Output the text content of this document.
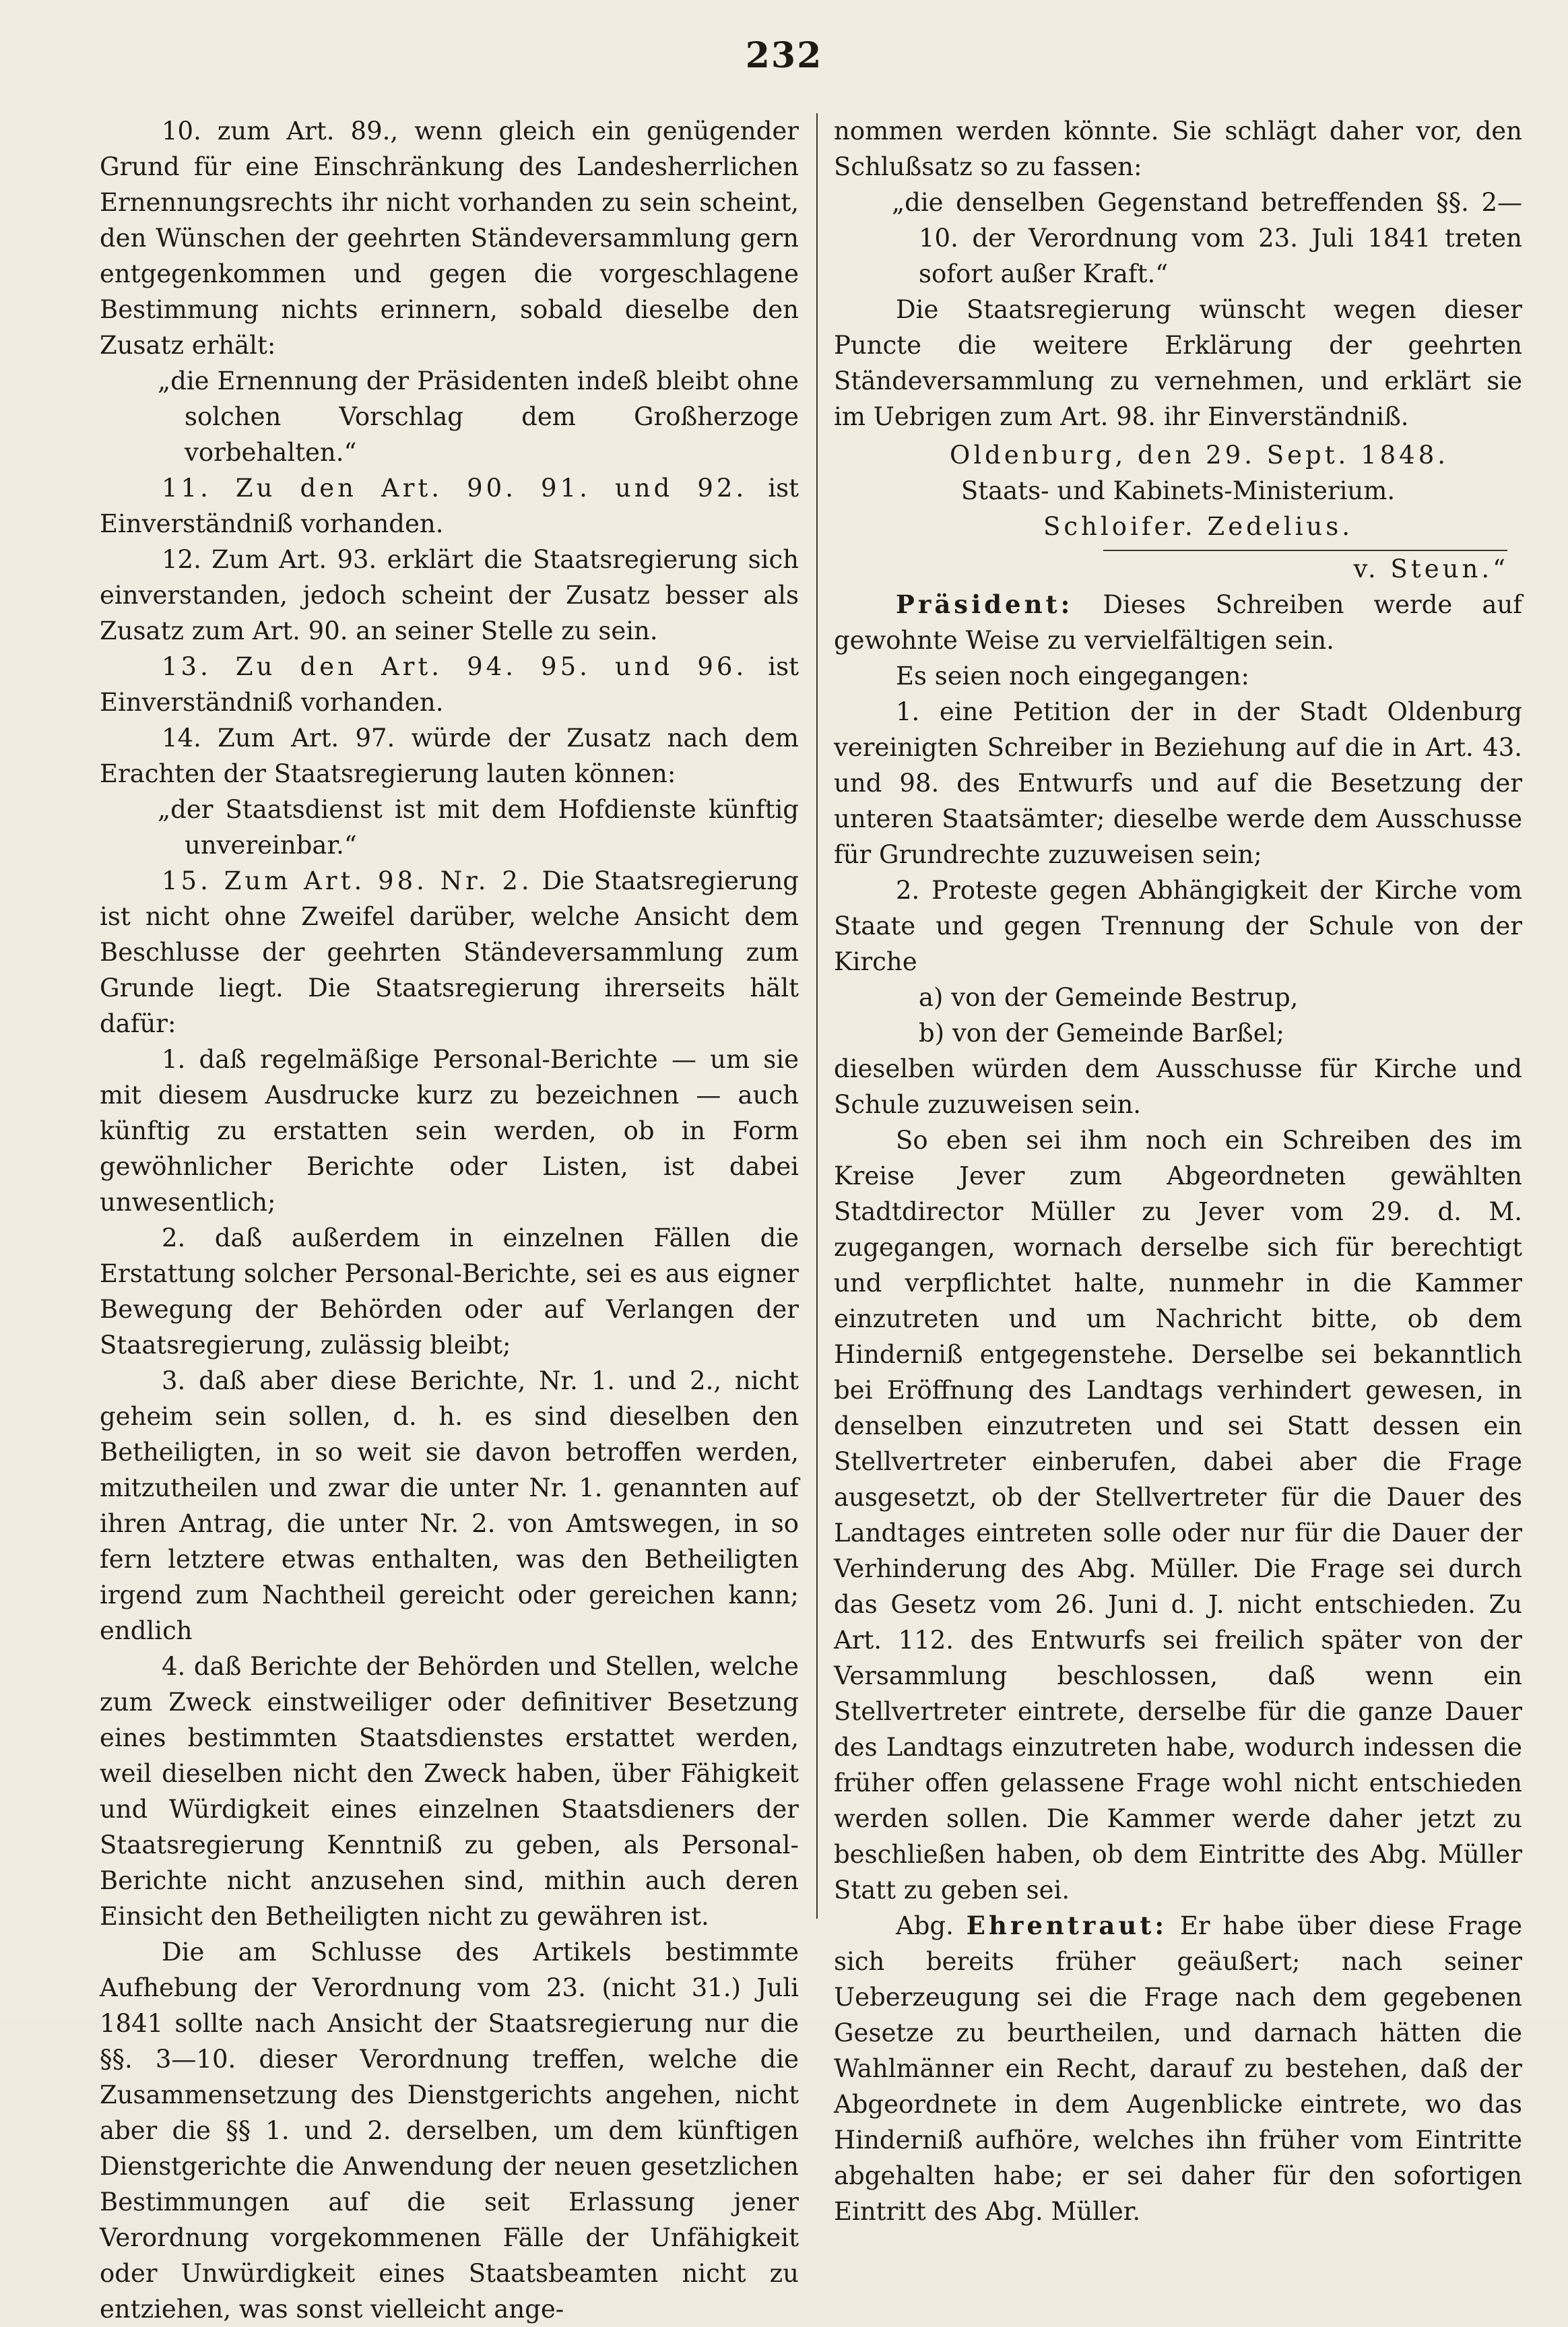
232

10. zum Art. 89., wenn gleich ein genügender Grund für eine Einschränkung des Landesherrlichen Ernennungsrechts ihr nicht vorhanden zu sein scheint, den Wünschen der geehrten Ständeversammlung gern entgegenkommen und gegen die vorgeschlagene Bestimmung nichts erinnern, sobald dieselbe den Zusatz erhält:

„die Ernennung der Präsidenten indeß bleibt ohne solchen Vorschlag dem Großherzoge vorbehalten.“

11. Zu den Art. 90. 91. und 92. ist Einverständniß vorhanden.

12. Zum Art. 93. erklärt die Staatsregierung sich einverstanden, jedoch scheint der Zusatz besser als Zusatz zum Art. 90. an seiner Stelle zu sein.

13. Zu den Art. 94. 95. und 96. ist Einverständniß vorhanden.

14. Zum Art. 97. würde der Zusatz nach dem Erachten der Staatsregierung lauten können:

„der Staatsdienst ist mit dem Hofdienste künftig unvereinbar.“

15. Zum Art. 98. Nr. 2. Die Staatsregierung ist nicht ohne Zweifel darüber, welche Ansicht dem Beschlusse der geehrten Ständeversammlung zum Grunde liegt. Die Staatsregierung ihrerseits hält dafür:

1. daß regelmäßige Personal-Berichte — um sie mit diesem Ausdrucke kurz zu bezeichnen — auch künftig zu erstatten sein werden, ob in Form gewöhnlicher Berichte oder Listen, ist dabei unwesentlich;

2. daß außerdem in einzelnen Fällen die Erstattung solcher Personal-Berichte, sei es aus eigner Bewegung der Behörden oder auf Verlangen der Staatsregierung, zulässig bleibt;

3. daß aber diese Berichte, Nr. 1. und 2., nicht geheim sein sollen, d. h. es sind dieselben den Betheiligten, in so weit sie davon betroffen werden, mitzutheilen und zwar die unter Nr. 1. genannten auf ihren Antrag, die unter Nr. 2. von Amtswegen, in so fern letztere etwas enthalten, was den Betheiligten irgend zum Nachtheil gereicht oder gereichen kann; endlich

4. daß Berichte der Behörden und Stellen, welche zum Zweck einstweiliger oder definitiver Besetzung eines bestimmten Staatsdienstes erstattet werden, weil dieselben nicht den Zweck haben, über Fähigkeit und Würdigkeit eines einzelnen Staatsdieners der Staatsregierung Kenntniß zu geben, als Personal-Berichte nicht anzusehen sind, mithin auch deren Einsicht den Betheiligten nicht zu gewähren ist.

Die am Schlusse des Artikels bestimmte Aufhebung der Verordnung vom 23. (nicht 31.) Juli 1841 sollte nach Ansicht der Staatsregierung nur die §§. 3—10. dieser Verordnung treffen, welche die Zusammensetzung des Dienstgerichts angehen, nicht aber die §§ 1. und 2. derselben, um dem künftigen Dienstgerichte die Anwendung der neuen gesetzlichen Bestimmungen auf die seit Erlassung jener Verordnung vorgekommenen Fälle der Unfähigkeit oder Unwürdigkeit eines Staatsbeamten nicht zu entziehen, was sonst vielleicht ange-

nommen werden könnte. Sie schlägt daher vor, den Schlußsatz so zu fassen:

„die denselben Gegenstand betreffenden §§. 2—10. der Verordnung vom 23. Juli 1841 treten sofort außer Kraft.“

Die Staatsregierung wünscht wegen dieser Puncte die weitere Erklärung der geehrten Ständeversammlung zu vernehmen, und erklärt sie im Uebrigen zum Art. 98. ihr Einverständniß.

Oldenburg, den 29. Sept. 1848.

Staats- und Kabinets-Ministerium.

Schloifer. Zedelius.

v. Steun.“

Präsident: Dieses Schreiben werde auf gewohnte Weise zu vervielfältigen sein.

Es seien noch eingegangen:

1. eine Petition der in der Stadt Oldenburg vereinigten Schreiber in Beziehung auf die in Art. 43. und 98. des Entwurfs und auf die Besetzung der unteren Staatsämter; dieselbe werde dem Ausschusse für Grundrechte zuzuweisen sein;

2. Proteste gegen Abhängigkeit der Kirche vom Staate und gegen Trennung der Schule von der Kirche

a) von der Gemeinde Bestrup,

b) von der Gemeinde Barßel;

dieselben würden dem Ausschusse für Kirche und Schule zuzuweisen sein.

So eben sei ihm noch ein Schreiben des im Kreise Jever zum Abgeordneten gewählten Stadtdirector Müller zu Jever vom 29. d. M. zugegangen, wornach derselbe sich für berechtigt und verpflichtet halte, nunmehr in die Kammer einzutreten und um Nachricht bitte, ob dem Hinderniß entgegenstehe. Derselbe sei bekanntlich bei Eröffnung des Landtags verhindert gewesen, in denselben einzutreten und sei Statt dessen ein Stellvertreter einberufen, dabei aber die Frage ausgesetzt, ob der Stellvertreter für die Dauer des Landtages eintreten solle oder nur für die Dauer der Verhinderung des Abg. Müller. Die Frage sei durch das Gesetz vom 26. Juni d. J. nicht entschieden. Zu Art. 112. des Entwurfs sei freilich später von der Versammlung beschlossen, daß wenn ein Stellvertreter eintrete, derselbe für die ganze Dauer des Landtags einzutreten habe, wodurch indessen die früher offen gelassene Frage wohl nicht entschieden werden sollen. Die Kammer werde daher jetzt zu beschließen haben, ob dem Eintritte des Abg. Müller Statt zu geben sei.

Abg. Ehrentraut: Er habe über diese Frage sich bereits früher geäußert; nach seiner Ueberzeugung sei die Frage nach dem gegebenen Gesetze zu beurtheilen, und darnach hätten die Wahlmänner ein Recht, darauf zu bestehen, daß der Abgeordnete in dem Augenblicke eintrete, wo das Hinderniß aufhöre, welches ihn früher vom Eintritte abgehalten habe; er sei daher für den sofortigen Eintritt des Abg. Müller.
